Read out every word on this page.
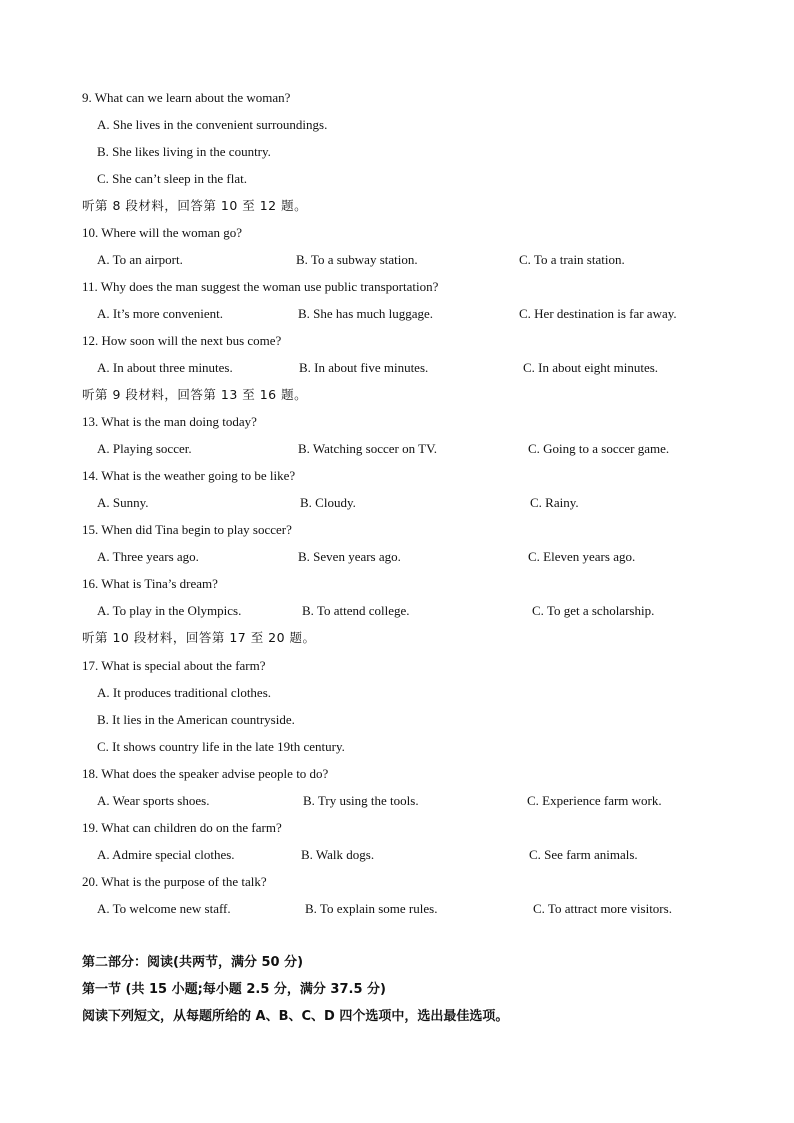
9. What can we learn about the woman?
A. She lives in the convenient surroundings.
B. She likes living in the country.
C. She can’t sleep in the flat.
听第 8 段材料，回答第 10 至 12 题。
10. Where will the woman go?
A. To an airport.	B. To a subway station.	C. To a train station.
11. Why does the man suggest the woman use public transportation?
A. It’s more convenient.	B. She has much luggage.	C. Her destination is far away.
12. How soon will the next bus come?
A. In about three minutes.	B. In about five minutes.	C. In about eight minutes.
听第 9 段材料，回答第 13 至 16 题。
13. What is the man doing today?
A. Playing soccer.	B. Watching soccer on TV.	C. Going to a soccer game.
14. What is the weather going to be like?
A. Sunny.	B. Cloudy.	C. Rainy.
15. When did Tina begin to play soccer?
A. Three years ago.	B. Seven years ago.	C. Eleven years ago.
16. What is Tina’s dream?
A. To play in the Olympics.	B. To attend college.	C. To get a scholarship.
听第 10 段材料，回答第 17 至 20 题。
17. What is special about the farm?
A. It produces traditional clothes.
B. It lies in the American countryside.
C. It shows country life in the late 19th century.
18. What does the speaker advise people to do?
A. Wear sports shoes.	B. Try using the tools.	C. Experience farm work.
19. What can children do on the farm?
A. Admire special clothes.	B. Walk dogs.	C. See farm animals.
20. What is the purpose of the talk?
A. To welcome new staff.	B. To explain some rules.	C. To attract more visitors.
第二部分：阅读(共两节，满分 50 分)
第一节 (共 15 小题;每小题 2.5 分，满分 37.5 分)
阅读下列短文，从每题所给的 A、B、C、D 四个选项中，选出最佳选项。
